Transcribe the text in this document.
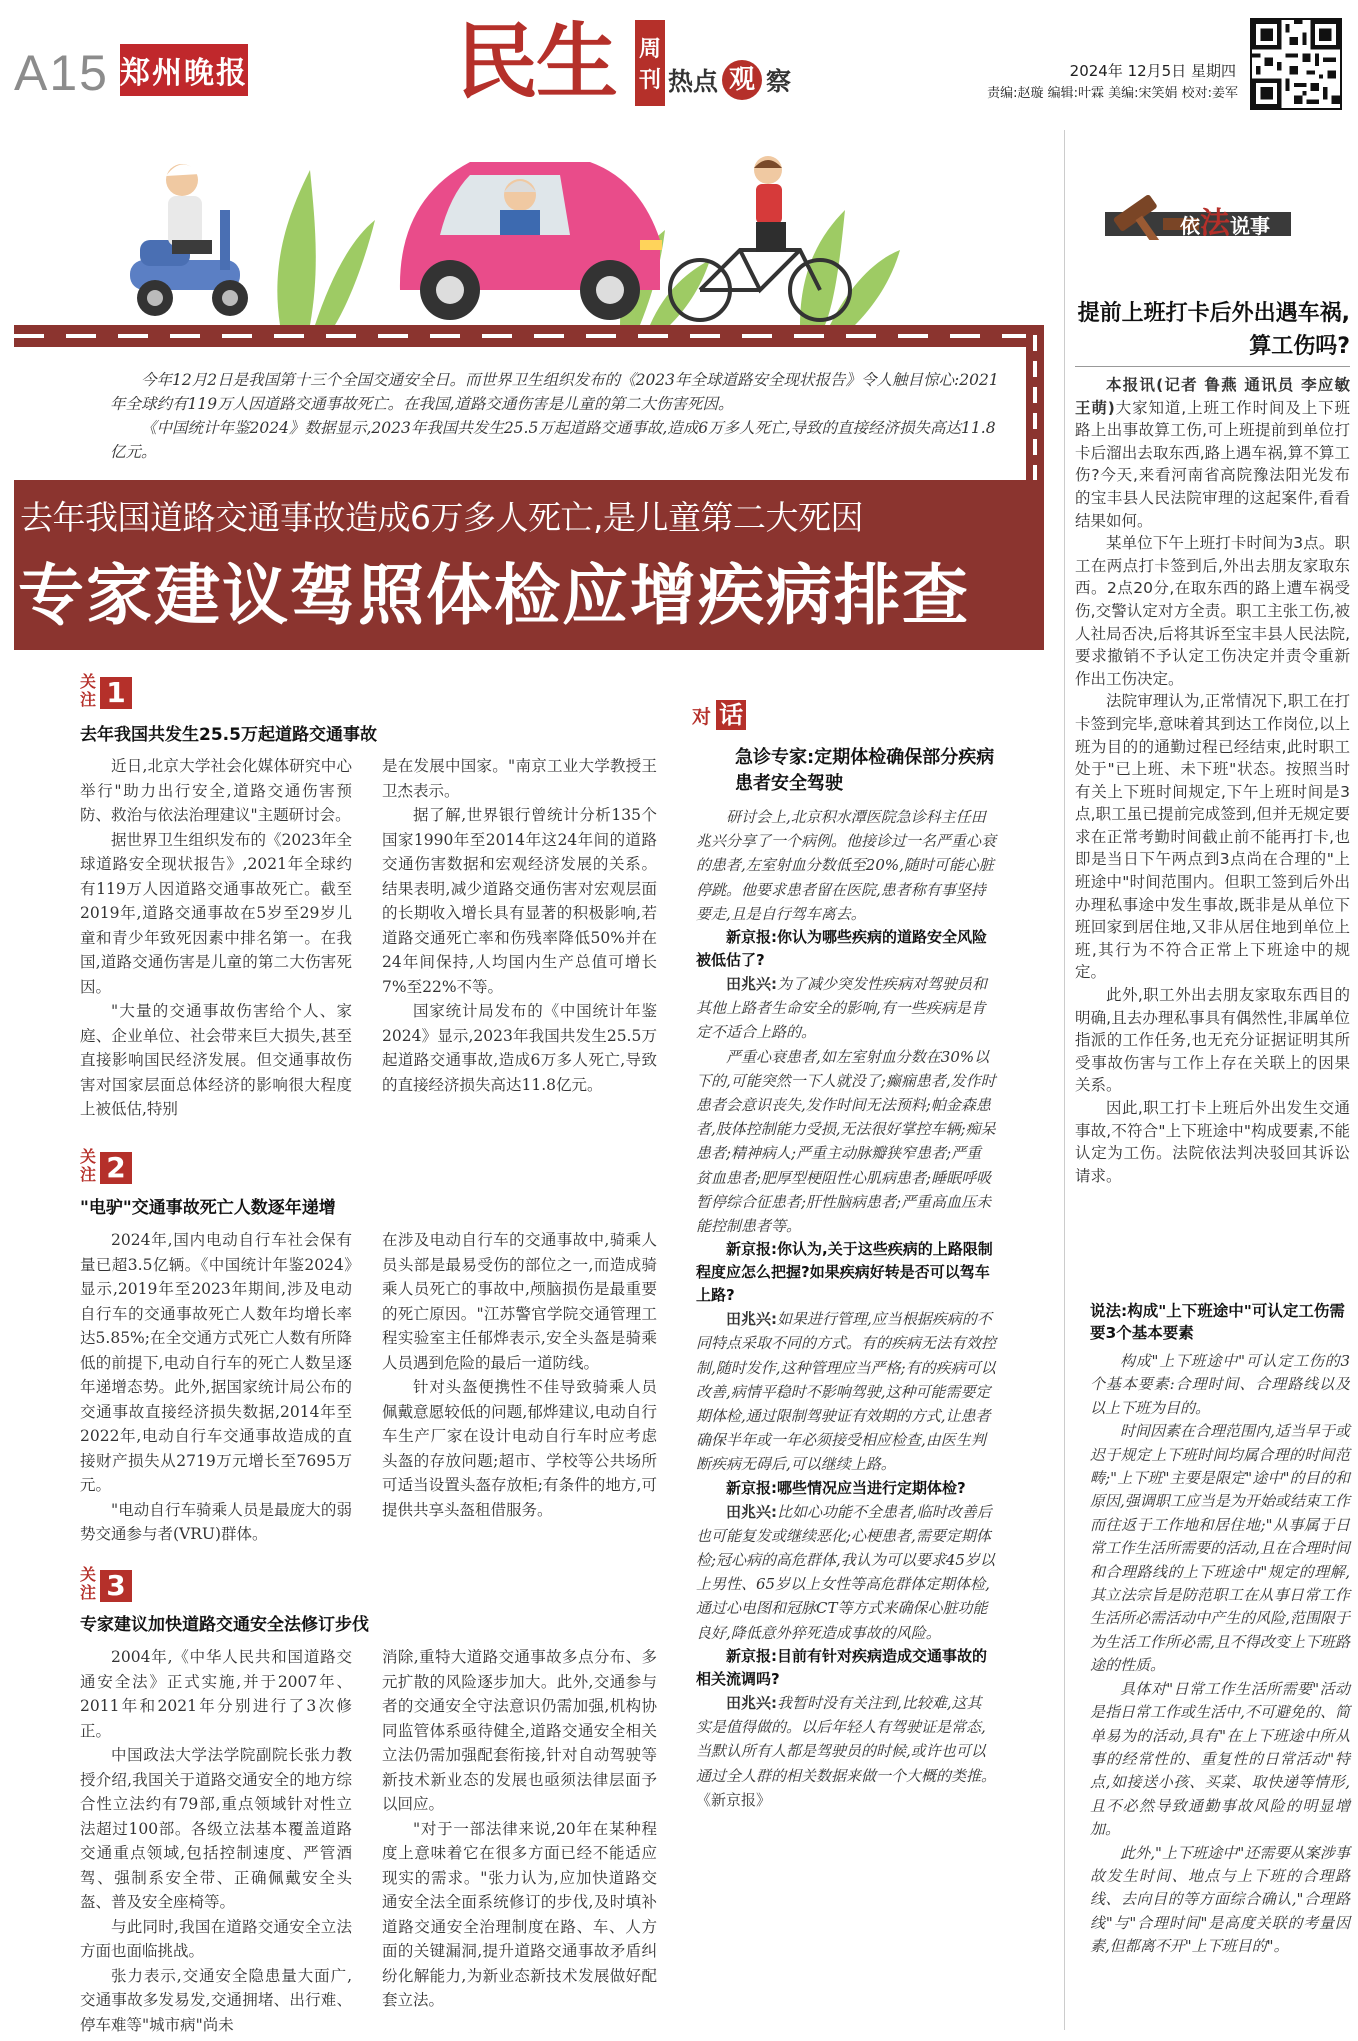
A15 郑州晚报	民生 周
刊 热点 观 察	2024年 12月5日 星期四
责编:赵璇 编辑:叶霖 美编:宋笑娟 校对:姜军

今年12月2日是我国第十三个全国交通安全日。而世界卫生组织发布的《2023年全球道路安全现状报告》令人触目惊心:2021年全球约有119万人因道路交通事故死亡。在我国,道路交通伤害是儿童的第二大伤害死因。

《中国统计年鉴2024》数据显示,2023年我国共发生25.5万起道路交通事故,造成6万多人死亡,导致的直接经济损失高达11.8亿元。

去年我国道路交通事故造成6万多人死亡,是儿童第二大死因
专家建议驾照体检应增疾病排查
关
注 1
去年我国共发生25.5万起道路交通事故

近日,北京大学社会化媒体研究中心举行"助力出行安全,道路交通伤害预防、救治与依法治理建议"主题研讨会。

据世界卫生组织发布的《2023年全球道路安全现状报告》,2021年全球约有119万人因道路交通事故死亡。截至2019年,道路交通事故在5岁至29岁儿童和青少年致死因素中排名第一。在我国,道路交通伤害是儿童的第二大伤害死因。

"大量的交通事故伤害给个人、家庭、企业单位、社会带来巨大损失,甚至直接影响国民经济发展。但交通事故伤害对国家层面总体经济的影响很大程度上被低估,特别

是在发展中国家。"南京工业大学教授王卫杰表示。

据了解,世界银行曾统计分析135个国家1990年至2014年这24年间的道路交通伤害数据和宏观经济发展的关系。结果表明,减少道路交通伤害对宏观层面的长期收入增长具有显著的积极影响,若道路交通死亡率和伤残率降低50%并在24年间保持,人均国内生产总值可增长7%至22%不等。

国家统计局发布的《中国统计年鉴2024》显示,2023年我国共发生25.5万起道路交通事故,造成6万多人死亡,导致的直接经济损失高达11.8亿元。

关
注 2
"电驴"交通事故死亡人数逐年递增

2024年,国内电动自行车社会保有量已超3.5亿辆。《中国统计年鉴2024》显示,2019年至2023年期间,涉及电动自行车的交通事故死亡人数年均增长率达5.85%;在全交通方式死亡人数有所降低的前提下,电动自行车的死亡人数呈逐年递增态势。此外,据国家统计局公布的交通事故直接经济损失数据,2014年至2022年,电动自行车交通事故造成的直接财产损失从2719万元增长至7695万元。

"电动自行车骑乘人员是最庞大的弱势交通参与者(VRU)群体。

在涉及电动自行车的交通事故中,骑乘人员头部是最易受伤的部位之一,而造成骑乘人员死亡的事故中,颅脑损伤是最重要的死亡原因。"江苏警官学院交通管理工程实验室主任郁烨表示,安全头盔是骑乘人员遇到危险的最后一道防线。

针对头盔便携性不佳导致骑乘人员佩戴意愿较低的问题,郁烨建议,电动自行车生产厂家在设计电动自行车时应考虑头盔的存放问题;超市、学校等公共场所可适当设置头盔存放柜;有条件的地方,可提供共享头盔租借服务。

关
注 3
专家建议加快道路交通安全法修订步伐

2004年,《中华人民共和国道路交通安全法》正式实施,并于2007年、2011年和2021年分别进行了3次修正。

中国政法大学法学院副院长张力教授介绍,我国关于道路交通安全的地方综合性立法约有79部,重点领域针对性立法超过100部。各级立法基本覆盖道路交通重点领域,包括控制速度、严管酒驾、强制系安全带、正确佩戴安全头盔、普及安全座椅等。

与此同时,我国在道路交通安全立法方面也面临挑战。

张力表示,交通安全隐患量大面广,交通事故多发易发,交通拥堵、出行难、停车难等"城市病"尚未

消除,重特大道路交通事故多点分布、多元扩散的风险逐步加大。此外,交通参与者的交通安全守法意识仍需加强,机构协同监管体系亟待健全,道路交通安全相关立法仍需加强配套衔接,针对自动驾驶等新技术新业态的发展也亟须法律层面予以回应。

"对于一部法律来说,20年在某种程度上意味着它在很多方面已经不能适应现实的需求。"张力认为,应加快道路交通安全法全面系统修订的步伐,及时填补道路交通安全治理制度在路、车、人方面的关键漏洞,提升道路交通事故矛盾纠纷化解能力,为新业态新技术发展做好配套立法。

对 话
急诊专家:定期体检确保部分疾病患者安全驾驶

研讨会上,北京积水潭医院急诊科主任田兆兴分享了一个病例。他接诊过一名严重心衰的患者,左室射血分数低至20%,随时可能心脏停跳。他要求患者留在医院,患者称有事坚持要走,且是自行驾车离去。

新京报:你认为哪些疾病的道路安全风险被低估了?

田兆兴:为了减少突发性疾病对驾驶员和其他上路者生命安全的影响,有一些疾病是肯定不适合上路的。

严重心衰患者,如左室射血分数在30%以下的,可能突然一下人就没了;癫痫患者,发作时患者会意识丧失,发作时间无法预料;帕金森患者,肢体控制能力受损,无法很好掌控车辆;痴呆患者;精神病人;严重主动脉瓣狭窄患者;严重贫血患者;肥厚型梗阻性心肌病患者;睡眠呼吸暂停综合征患者;肝性脑病患者;严重高血压未能控制患者等。

新京报:你认为,关于这些疾病的上路限制程度应怎么把握?如果疾病好转是否可以驾车上路?

田兆兴:如果进行管理,应当根据疾病的不同特点采取不同的方式。有的疾病无法有效控制,随时发作,这种管理应当严格;有的疾病可以改善,病情平稳时不影响驾驶,这种可能需要定期体检,通过限制驾驶证有效期的方式,让患者确保半年或一年必须接受相应检查,由医生判断疾病无碍后,可以继续上路。

新京报:哪些情况应当进行定期体检?

田兆兴:比如心功能不全患者,临时改善后也可能复发或继续恶化;心梗患者,需要定期体检;冠心病的高危群体,我认为可以要求45岁以上男性、65岁以上女性等高危群体定期体检,通过心电图和冠脉CT等方式来确保心脏功能良好,降低意外猝死造成事故的风险。

新京报:目前有针对疾病造成交通事故的相关流调吗?

田兆兴:我暂时没有关注到,比较难,这其实是值得做的。以后年轻人有驾驶证是常态,当默认所有人都是驾驶员的时候,或许也可以通过全人群的相关数据来做一个大概的类推。《新京报》

依法说事
提前上班打卡后外出遇车祸,算工伤吗?

本报讯(记者 鲁燕 通讯员 李应敏 王萌)大家知道,上班工作时间及上下班路上出事故算工伤,可上班提前到单位打卡后溜出去取东西,路上遇车祸,算不算工伤?今天,来看河南省高院豫法阳光发布的宝丰县人民法院审理的这起案件,看看结果如何。

某单位下午上班打卡时间为3点。职工在两点打卡签到后,外出去朋友家取东西。2点20分,在取东西的路上遭车祸受伤,交警认定对方全责。职工主张工伤,被人社局否决,后将其诉至宝丰县人民法院,要求撤销不予认定工伤决定并责令重新作出工伤决定。

法院审理认为,正常情况下,职工在打卡签到完毕,意味着其到达工作岗位,以上班为目的的通勤过程已经结束,此时职工处于"已上班、未下班"状态。按照当时有关上下班时间规定,下午上班时间是3点,职工虽已提前完成签到,但并无规定要求在正常考勤时间截止前不能再打卡,也即是当日下午两点到3点尚在合理的"上班途中"时间范围内。但职工签到后外出办理私事途中发生事故,既非是从单位下班回家到居住地,又非从居住地到单位上班,其行为不符合正常上下班途中的规定。

此外,职工外出去朋友家取东西目的明确,且去办理私事具有偶然性,非属单位指派的工作任务,也无充分证据证明其所受事故伤害与工作上存在关联上的因果关系。

因此,职工打卡上班后外出发生交通事故,不符合"上下班途中"构成要素,不能认定为工伤。法院依法判决驳回其诉讼请求。

说法:构成"上下班途中"可认定工伤需要3个基本要素

构成"上下班途中"可认定工伤的3个基本要素:合理时间、合理路线以及以上下班为目的。

时间因素在合理范围内,适当早于或迟于规定上下班时间均属合理的时间范畴;"上下班"主要是限定"途中"的目的和原因,强调职工应当是为开始或结束工作而往返于工作地和居住地;"从事属于日常工作生活所需要的活动,且在合理时间和合理路线的上下班途中"规定的理解,其立法宗旨是防范职工在从事日常工作生活所必需活动中产生的风险,范围限于为生活工作所必需,且不得改变上下班路途的性质。

具体对"日常工作生活所需要"活动是指日常工作或生活中,不可避免的、简单易为的活动,具有"在上下班途中所从事的经常性的、重复性的日常活动"特点,如接送小孩、买菜、取快递等情形,且不必然导致通勤事故风险的明显增加。

此外,"上下班途中"还需要从案涉事故发生时间、地点与上下班的合理路线、去向目的等方面综合确认,"合理路线"与"合理时间"是高度关联的考量因素,但都离不开"上下班目的"。
